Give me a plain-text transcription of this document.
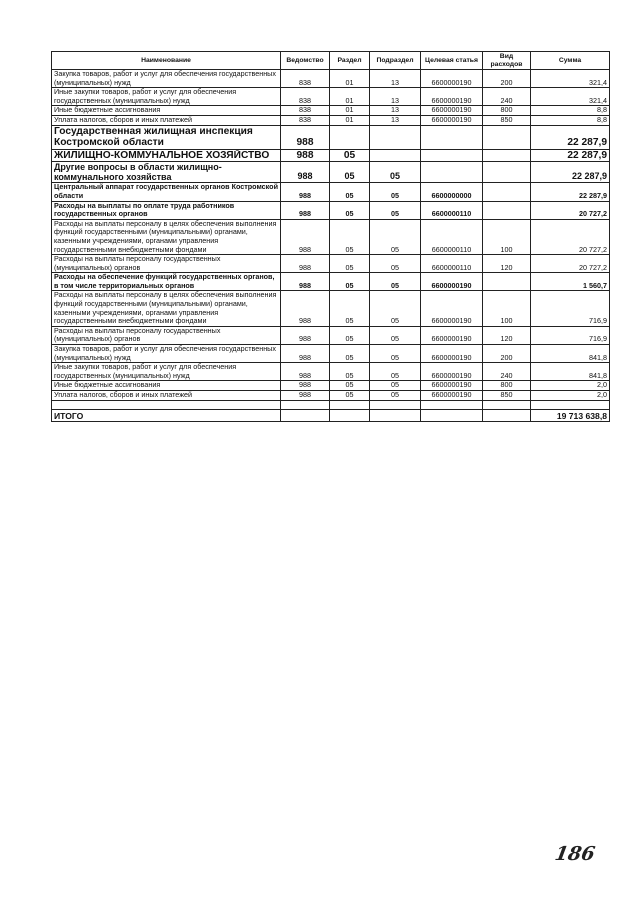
Наименование	Ведомство	Раздел	Подраздел	Целевая статья	Вид расходов	Сумма
Закупка товаров, работ и услуг для обеспечения государственных (муниципальных) нужд	838	01	13	6600000190	200	321,4
Иные закупки товаров, работ и услуг для обеспечения государственных (муниципальных) нужд	838	01	13	6600000190	240	321,4
Иные бюджетные ассигнования	838	01	13	6600000190	800	8,8
Уплата налогов, сборов и иных платежей	838	01	13	6600000190	850	8,8
Государственная жилищная инспекция Костромской области	988					22 287,9
ЖИЛИЩНО-КОММУНАЛЬНОЕ ХОЗЯЙСТВО	988	05				22 287,9
Другие вопросы в области жилищно-коммунального хозяйства	988	05	05			22 287,9
Центральный аппарат государственных органов Костромской области	988	05	05	6600000000		22 287,9
Расходы на выплаты по оплате труда работников государственных органов	988	05	05	6600000110		20 727,2
Расходы на выплаты персоналу в целях обеспечения выполнения функций государственными (муниципальными) органами, казенными учреждениями, органами управления государственными внебюджетными фондами	988	05	05	6600000110	100	20 727,2
Расходы на выплаты персоналу государственных (муниципальных) органов	988	05	05	6600000110	120	20 727,2
Расходы на обеспечение функций государственных органов, в том числе территориальных органов	988	05	05	6600000190		1 560,7
Расходы на выплаты персоналу в целях обеспечения выполнения функций государственными (муниципальными) органами, казенными учреждениями, органами управления государственными внебюджетными фондами	988	05	05	6600000190	100	716,9
Расходы на выплаты персоналу государственных (муниципальных) органов	988	05	05	6600000190	120	716,9
Закупка товаров, работ и услуг для обеспечения государственных (муниципальных) нужд	988	05	05	6600000190	200	841,8
Иные закупки товаров, работ и услуг для обеспечения государственных (муниципальных) нужд	988	05	05	6600000190	240	841,8
Иные бюджетные ассигнования	988	05	05	6600000190	800	2,0
Уплата налогов, сборов и иных платежей	988	05	05	6600000190	850	2,0

ИТОГО						19 713 638,8
186
